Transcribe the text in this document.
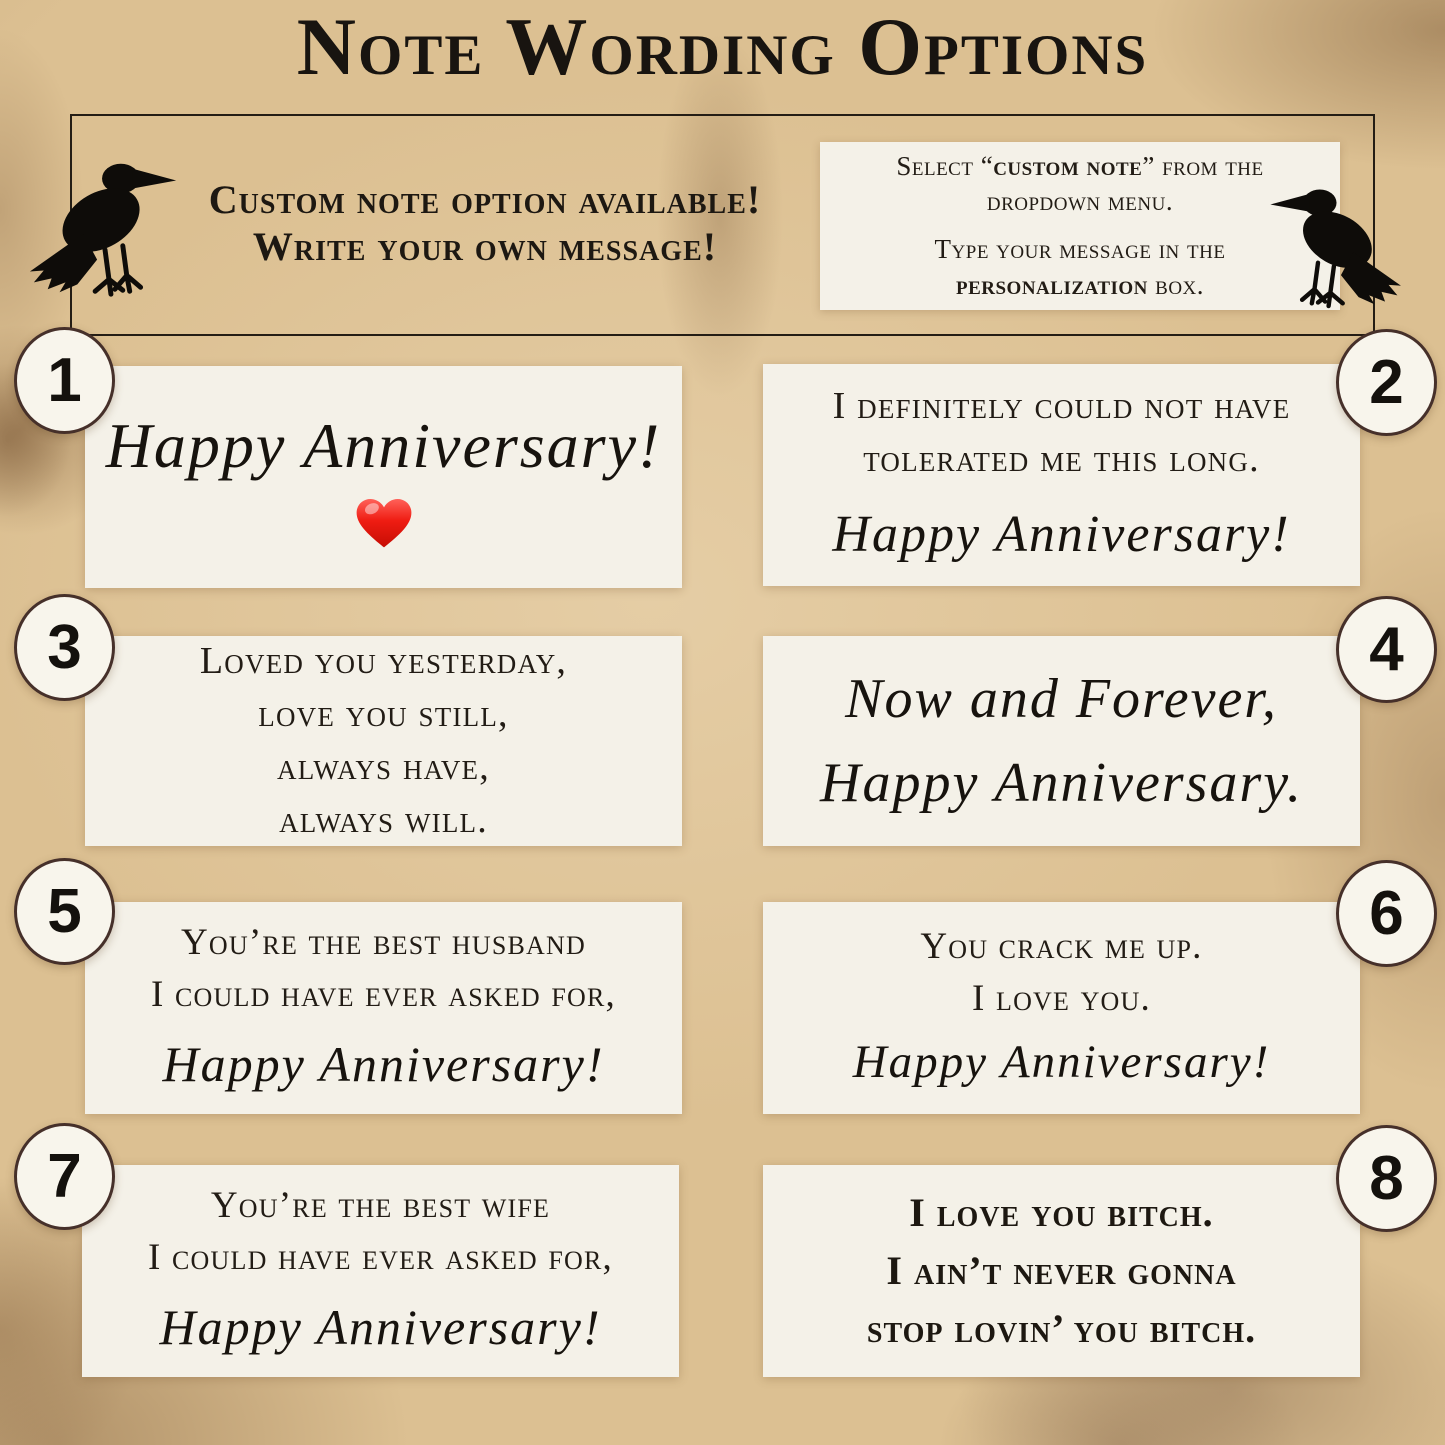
Note Wording Options
Custom note option available!
Write your own message!

Select “custom note” from the dropdown menu.

Type your message in the personalization box.

1	2
3	4
5	6
7	8
Happy Anniversary!
I definitely could not have
tolerated me this long.
Happy Anniversary!
Loved you yesterday,
love you still,
always have,
always will.
Now and Forever,
Happy Anniversary.
You’re the best husband
I could have ever asked for,
Happy Anniversary!
You crack me up.
I love you.
Happy Anniversary!
You’re the best wife
I could have ever asked for,
Happy Anniversary!
I love you bitch.
I ain’t never gonna
stop lovin’ you bitch.
